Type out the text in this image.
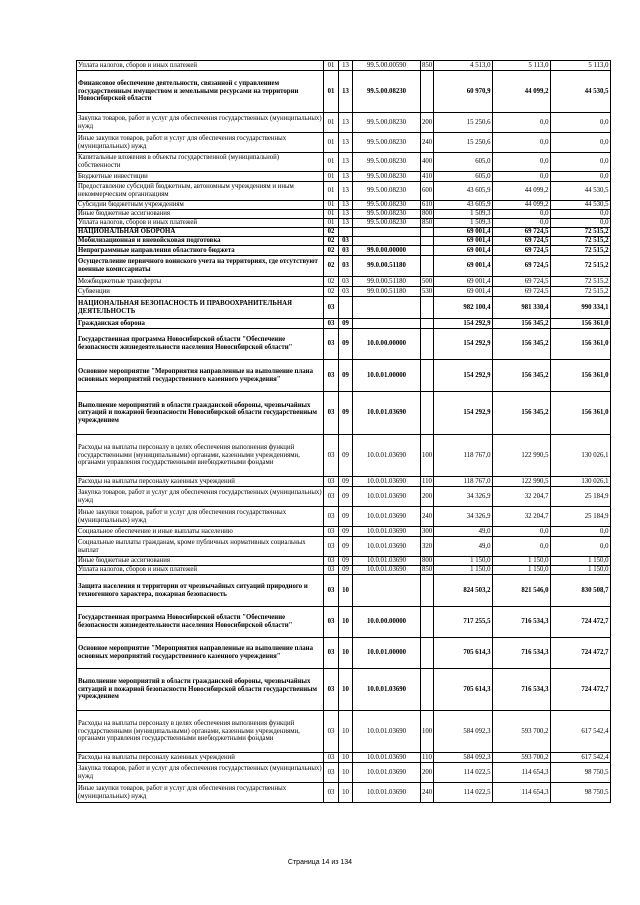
Уплата налогов, сборов и иных платежей	01	13	99.5.00.00590	850	4 513,0	5 113,0	5 113,0
Финансовое обеспечение деятельности, связанной с управлением государственным имуществом и земельными ресурсами на территории Новосибирской области	01	13	99.5.00.08230		60 970,9	44 099,2	44 530,5
Закупка товаров, работ и услуг для обеспечения государственных (муниципальных) нужд	01	13	99.5.00.08230	200	15 250,6	0,0	0,0
Иные закупки товаров, работ и услуг для обеспечения государственных (муниципальных) нужд	01	13	99.5.00.08230	240	15 250,6	0,0	0,0
Капитальные вложения в объекты государственной (муниципальной) собственности	01	13	99.5.00.08230	400	605,0	0,0	0,0
Бюджетные инвестиции	01	13	99.5.00.08230	410	605,0	0,0	0,0
Предоставление субсидий бюджетным, автономным учреждениям и иным некоммерческим организациям	01	13	99.5.00.08230	600	43 605,9	44 099,2	44 530,5
Субсидии бюджетным учреждениям	01	13	99.5.00.08230	610	43 605,9	44 099,2	44 530,5
Иные бюджетные ассигнования	01	13	99.5.00.08230	800	1 509,3	0,0	0,0
Уплата налогов, сборов и иных платежей	01	13	99.5.00.08230	850	1 509,3	0,0	0,0
НАЦИОНАЛЬНАЯ ОБОРОНА	02				69 001,4	69 724,5	72 515,2
Мобилизационная и вневойсковая подготовка	02	03			69 001,4	69 724,5	72 515,2
Непрограммные направления областного бюджета	02	03	99.0.00.00000		69 001,4	69 724,5	72 515,2
Осуществление первичного воинского учета на территориях, где отсутствуют военные комиссариаты	02	03	99.0.00.51180		69 001,4	69 724,5	72 515,2
Межбюджетные трансферты	02	03	99.0.00.51180	500	69 001,4	69 724,5	72 515,2
Субвенции	02	03	99.0.00.51180	530	69 001,4	69 724,5	72 515,2
НАЦИОНАЛЬНАЯ БЕЗОПАСНОСТЬ И ПРАВООХРАНИТЕЛЬНАЯ ДЕЯТЕЛЬНОСТЬ	03				982 100,4	981 330,4	990 334,1
Гражданская оборона	03	09			154 292,9	156 345,2	156 361,0
Государственная программа Новосибирской области "Обеспечение безопасности жизнедеятельности населения Новосибирской области"	03	09	10.0.00.00000		154 292,9	156 345,2	156 361,0
Основное мероприятие "Мероприятия направленные на выполнение плана основных мероприятий государственного казенного учреждения"	03	09	10.0.01.00000		154 292,9	156 345,2	156 361,0
Выполнение мероприятий в области гражданской обороны, чрезвычайных ситуаций и пожарной безопасности Новосибирской области государственным учреждением	03	09	10.0.01.03690		154 292,9	156 345,2	156 361,0
Расходы на выплаты персоналу в целях обеспечения выполнения функций государственными (муниципальными) органами, казенными учреждениями, органами управления государственными внебюджетными фондами	03	09	10.0.01.03690	100	118 767,0	122 990,5	130 026,1
Расходы на выплаты персоналу казенных учреждений	03	09	10.0.01.03690	110	118 767,0	122 990,5	130 026,1
Закупка товаров, работ и услуг для обеспечения государственных (муниципальных) нужд	03	09	10.0.01.03690	200	34 326,9	32 204,7	25 184,9
Иные закупки товаров, работ и услуг для обеспечения государственных (муниципальных) нужд	03	09	10.0.01.03690	240	34 326,9	32 204,7	25 184,9
Социальное обеспечение и иные выплаты населению	03	09	10.0.01.03690	300	49,0	0,0	0,0
Социальные выплаты гражданам, кроме публичных нормативных социальных выплат	03	09	10.0.01.03690	320	49,0	0,0	0,0
Иные бюджетные ассигнования	03	09	10.0.01.03690	800	1 150,0	1 150,0	1 150,0
Уплата налогов, сборов и иных платежей	03	09	10.0.01.03690	850	1 150,0	1 150,0	1 150,0
Защита населения и территории от чрезвычайных ситуаций природного и техногенного характера, пожарная безопасность	03	10			824 503,2	821 546,0	830 508,7
Государственная программа Новосибирской области "Обеспечение безопасности жизнедеятельности населения Новосибирской области"	03	10	10.0.00.00000		717 255,5	716 534,3	724 472,7
Основное мероприятие "Мероприятия направленные на выполнение плана основных мероприятий государственного казенного учреждения"	03	10	10.0.01.00000		705 614,3	716 534,3	724 472,7
Выполнение мероприятий в области гражданской обороны, чрезвычайных ситуаций и пожарной безопасности Новосибирской области государственным учреждением	03	10	10.0.01.03690		705 614,3	716 534,3	724 472,7
Расходы на выплаты персоналу в целях обеспечения выполнения функций государственными (муниципальными) органами, казенными учреждениями, органами управления государственными внебюджетными фондами	03	10	10.0.01.03690	100	584 092,3	593 700,2	617 542,4
Расходы на выплаты персоналу казенных учреждений	03	10	10.0.01.03690	110	584 092,3	593 700,2	617 542,4
Закупка товаров, работ и услуг для обеспечения государственных (муниципальных) нужд	03	10	10.0.01.03690	200	114 022,5	114 654,3	98 750,5
Иные закупки товаров, работ и услуг для обеспечения государственных (муниципальных) нужд	03	10	10.0.01.03690	240	114 022,5	114 654,3	98 750,5
Страница 14 из 134
